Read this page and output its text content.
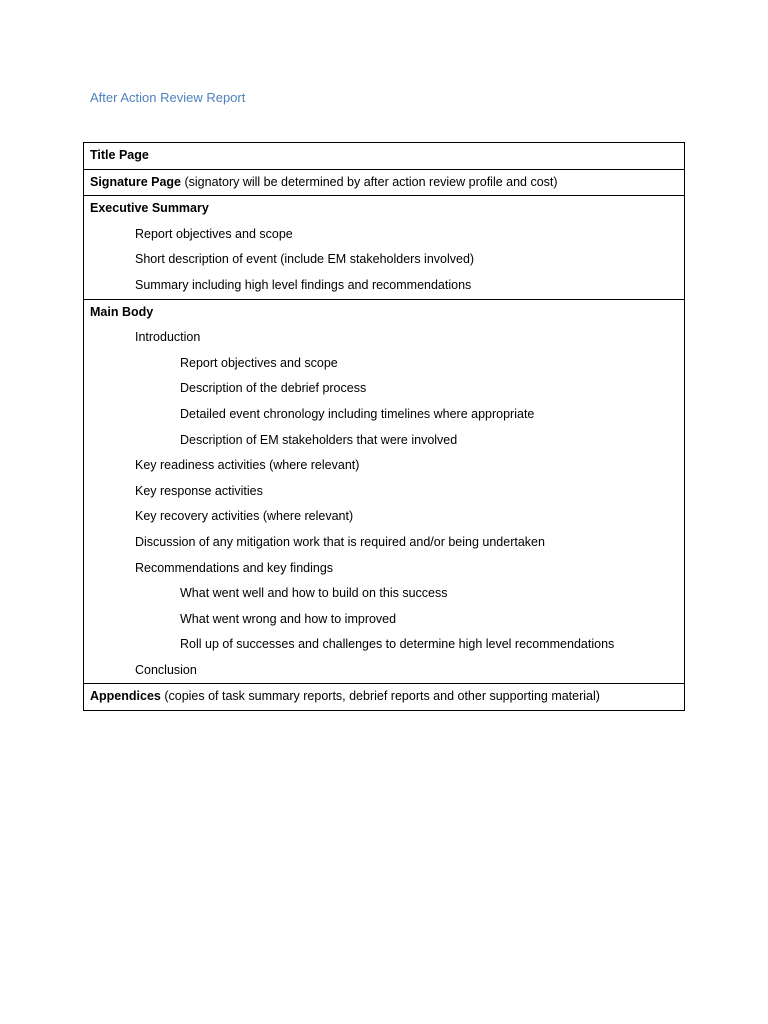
After Action Review Report
Title Page

Signature Page (signatory will be determined by after action review profile and cost)

Executive Summary
Report objectives and scope
Short description of event (include EM stakeholders involved)
Summary including high level findings and recommendations

Main Body
Introduction
Report objectives and scope
Description of the debrief process
Detailed event chronology including timelines where appropriate
Description of EM stakeholders that were involved
Key readiness activities (where relevant)
Key response activities
Key recovery activities (where relevant)
Discussion of any mitigation work that is required and/or being undertaken
Recommendations and key findings
What went well and how to build on this success
What went wrong and how to improved
Roll up of successes and challenges to determine high level recommendations
Conclusion

Appendices (copies of task summary reports, debrief reports and other supporting material)
